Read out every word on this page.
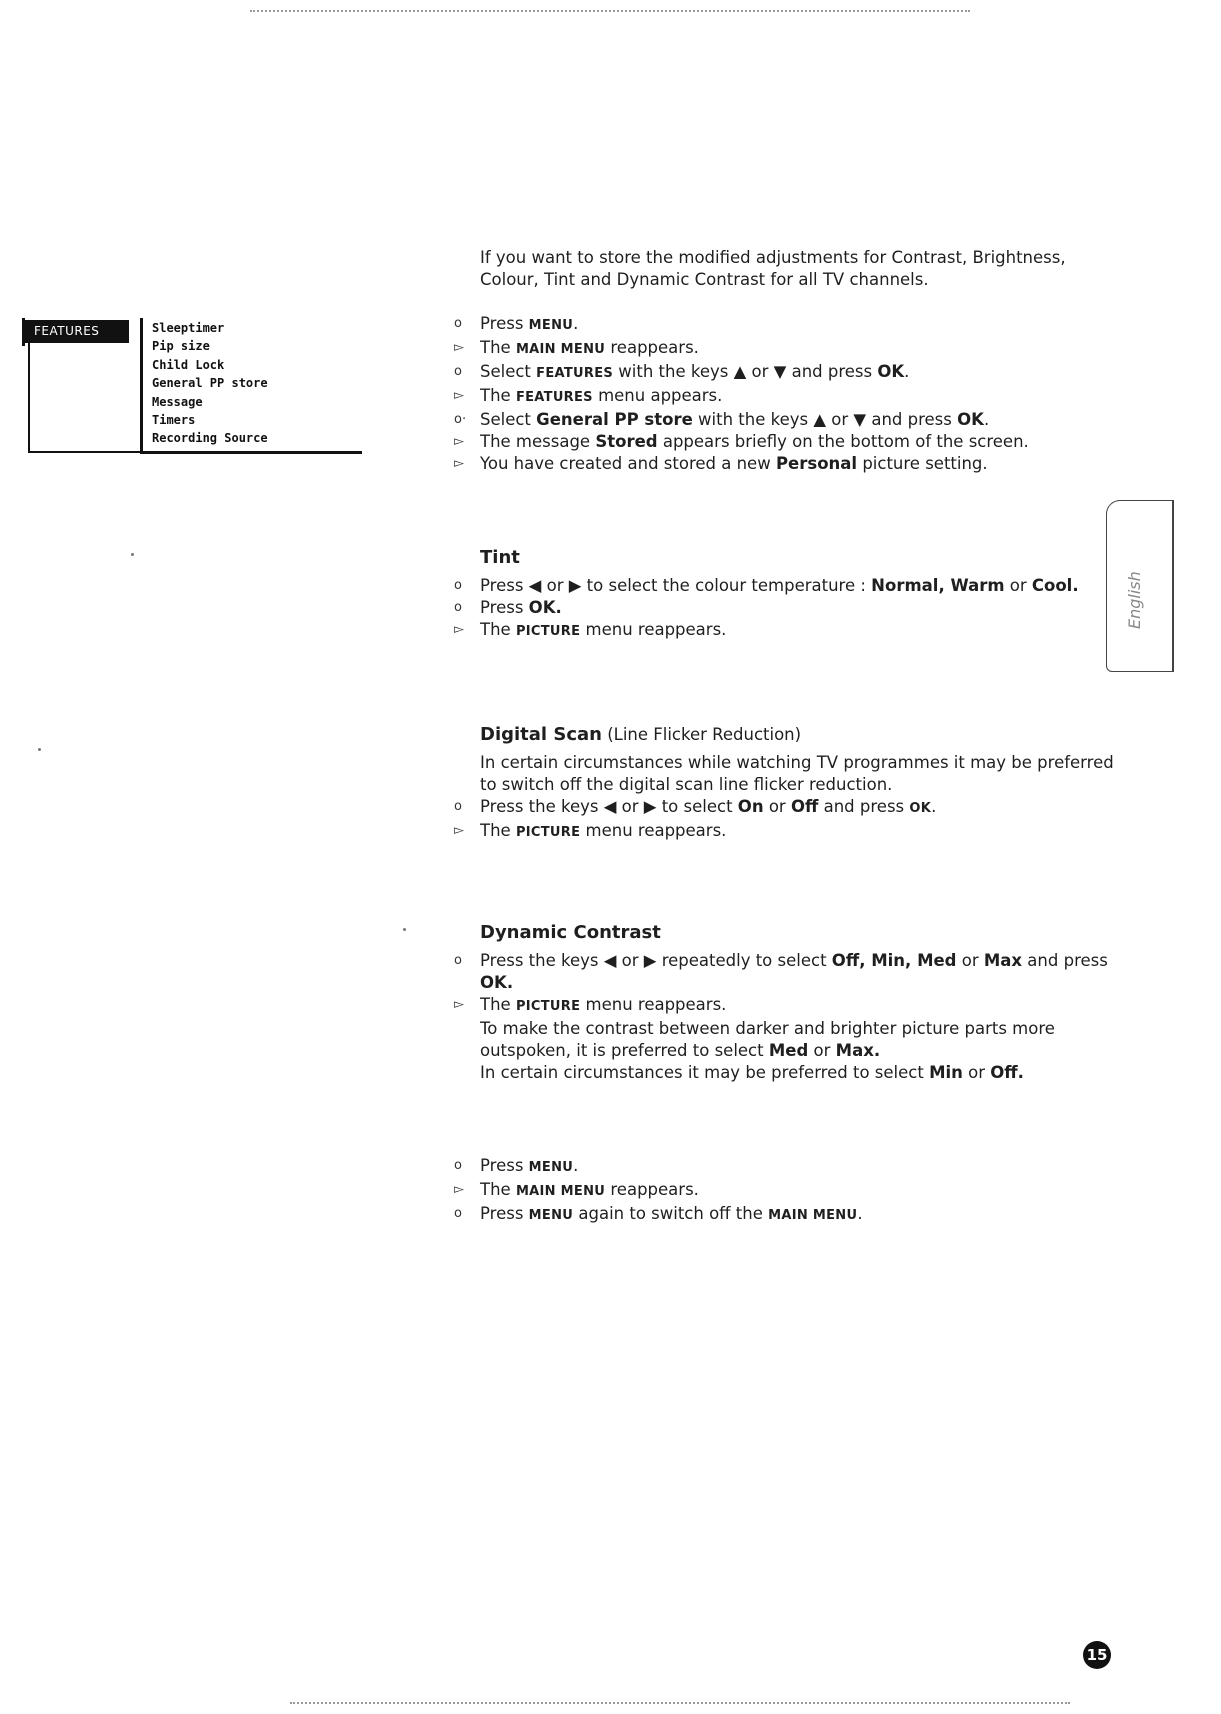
FEATURES	Sleeptimer
Pip size
Child Lock
General PP store
Message
Timers
Recording Source

If you want to store the modified adjustments for Contrast, Brightness, Colour, Tint and Dynamic Contrast for all TV channels.

o	Press MENU.
▻ The MAIN MENU reappears.
o	Select FEATURES with the keys ▲ or ▼ and press OK.
▻ The FEATURES menu appears.
o· Select General PP store with the keys ▲ or ▼ and press OK.
▻ The message Stored appears briefly on the bottom of the screen.
▻ You have created and stored a new Personal picture setting.
Tint
o	Press ◀ or ▶ to select the colour temperature : Normal, Warm or Cool.
o	Press OK.
▻ The PICTURE menu reappears.
English
Digital Scan (Line Flicker Reduction)

In certain circumstances while watching TV programmes it may be preferred to switch off the digital scan line flicker reduction.

o	Press the keys ◀ or ▶ to select On or Off and press OK.
▻ The PICTURE menu reappears.
Dynamic Contrast
o	Press the keys ◀ or ▶ repeatedly to select Off, Min, Med or Max and press OK.
▻ The PICTURE menu reappears.

To make the contrast between darker and brighter picture parts more outspoken, it is preferred to select Med or Max.

In certain circumstances it may be preferred to select Min or Off.

o	Press MENU.
▻ The MAIN MENU reappears.
o	Press MENU again to switch off the MAIN MENU.
15
